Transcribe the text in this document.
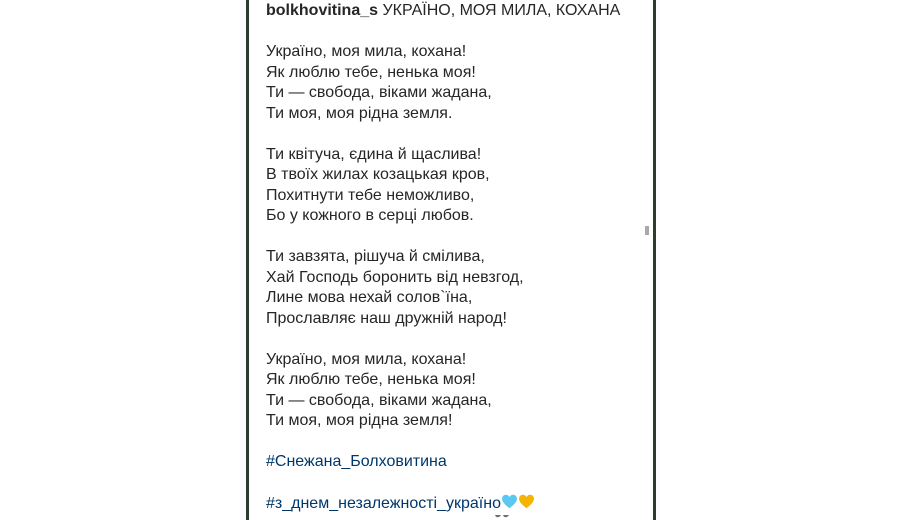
bolkhovitina_s УКРАЇНО, МОЯ МИЛА, КОХАНА
Україно, моя мила, кохана!
Як люблю тебе, ненька моя!
Ти — свобода, віками жадана,
Ти моя, моя рідна земля.
Ти квітуча, єдина й щаслива!
В твоїх жилах козацькая кров,
Похитнути тебе неможливо,
Бо у кожного в серці любов.
Ти завзята, рішуча й смілива,
Хай Господь боронить від невзгод,
Лине мова нехай солов`їна,
Прославляє наш дружній народ!
Україно, моя мила, кохана!
Як люблю тебе, ненька моя!
Ти — свобода, віками жадана,
Ти моя, моя рідна земля!
#Снежана_Болховитина
#з_днем_незалежності_україно
